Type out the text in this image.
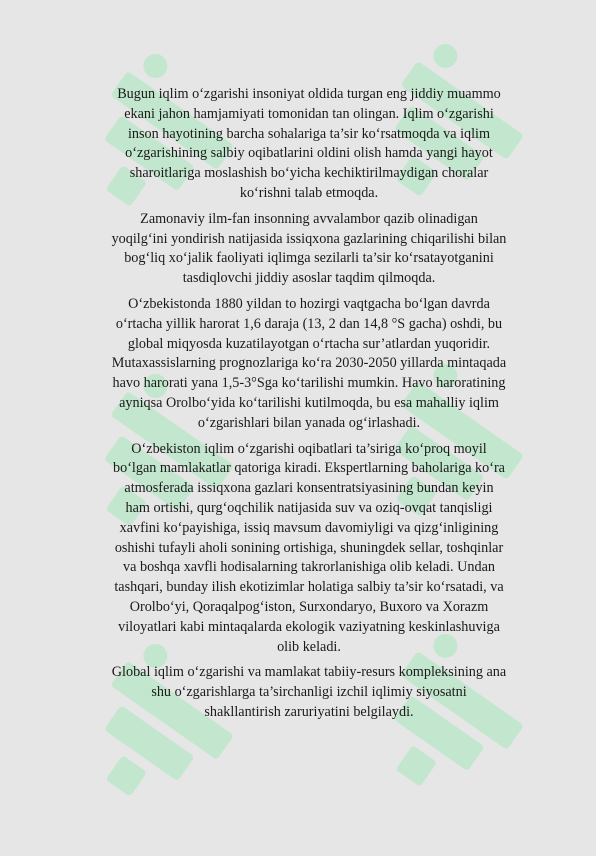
Bugun iqlim o‘zgarishi insoniyat oldida turgan eng jiddiy muammo
ekani jahon hamjamiyati tomonidan tan olingan. Iqlim o‘zgarishi
inson hayotining barcha sohalariga ta’sir ko‘rsatmoqda va iqlim
o‘zgarishining salbiy oqibatlarini oldini olish hamda yangi hayot
sharoitlariga moslashish bo‘yicha kechiktirilmaydigan choralar
ko‘rishni talab etmoqda.

Zamonaviy ilm-fan insonning avvalambor qazib olinadigan
yoqilg‘ini yondirish natijasida issiqxona gazlarining chiqarilishi bilan
bog‘liq xo‘jalik faoliyati iqlimga sezilarli ta’sir ko‘rsatayotganini
tasdiqlovchi jiddiy asoslar taqdim qilmoqda.

O‘zbekistonda 1880 yildan to hozirgi vaqtgacha bo‘lgan davrda
o‘rtacha yillik harorat 1,6 daraja (13, 2 dan 14,8 °S gacha) oshdi, bu
global miqyosda kuzatilayotgan o‘rtacha sur’atlardan yuqoridir.
Mutaxassislarning prognozlariga ko‘ra 2030-2050 yillarda mintaqada
havo harorati yana 1,5-3°Sga ko‘tarilishi mumkin. Havo haroratining
ayniqsa Orolbo‘yida ko‘tarilishi kutilmoqda, bu esa mahalliy iqlim
o‘zgarishlari bilan yanada og‘irlashadi.

O‘zbekiston iqlim o‘zgarishi oqibatlari ta’siriga ko‘proq moyil
bo‘lgan mamlakatlar qatoriga kiradi. Ekspertlarning baholariga ko‘ra
atmosferada issiqxona gazlari konsentratsiyasining bundan keyin
ham ortishi, qurg‘oqchilik natijasida suv va oziq-ovqat tanqisligi
xavfini ko‘payishiga, issiq mavsum davomiyligi va qizg‘inligining
oshishi tufayli aholi sonining ortishiga, shuningdek sellar, toshqinlar
va boshqa xavfli hodisalarning takrorlanishiga olib keladi. Undan
tashqari, bunday ilish ekotizimlar holatiga salbiy ta’sir ko‘rsatadi, va
Orolbo‘yi, Qoraqalpog‘iston, Surxondaryo, Buxoro va Xorazm
viloyatlari kabi mintaqalarda ekologik vaziyatning keskinlashuviga
olib keladi.

Global iqlim o‘zgarishi va mamlakat tabiiy-resurs kompleksining ana
shu o‘zgarishlarga ta’sirchanligi izchil iqlimiy siyosatni
shakllantirish zaruriyatini belgilaydi.
